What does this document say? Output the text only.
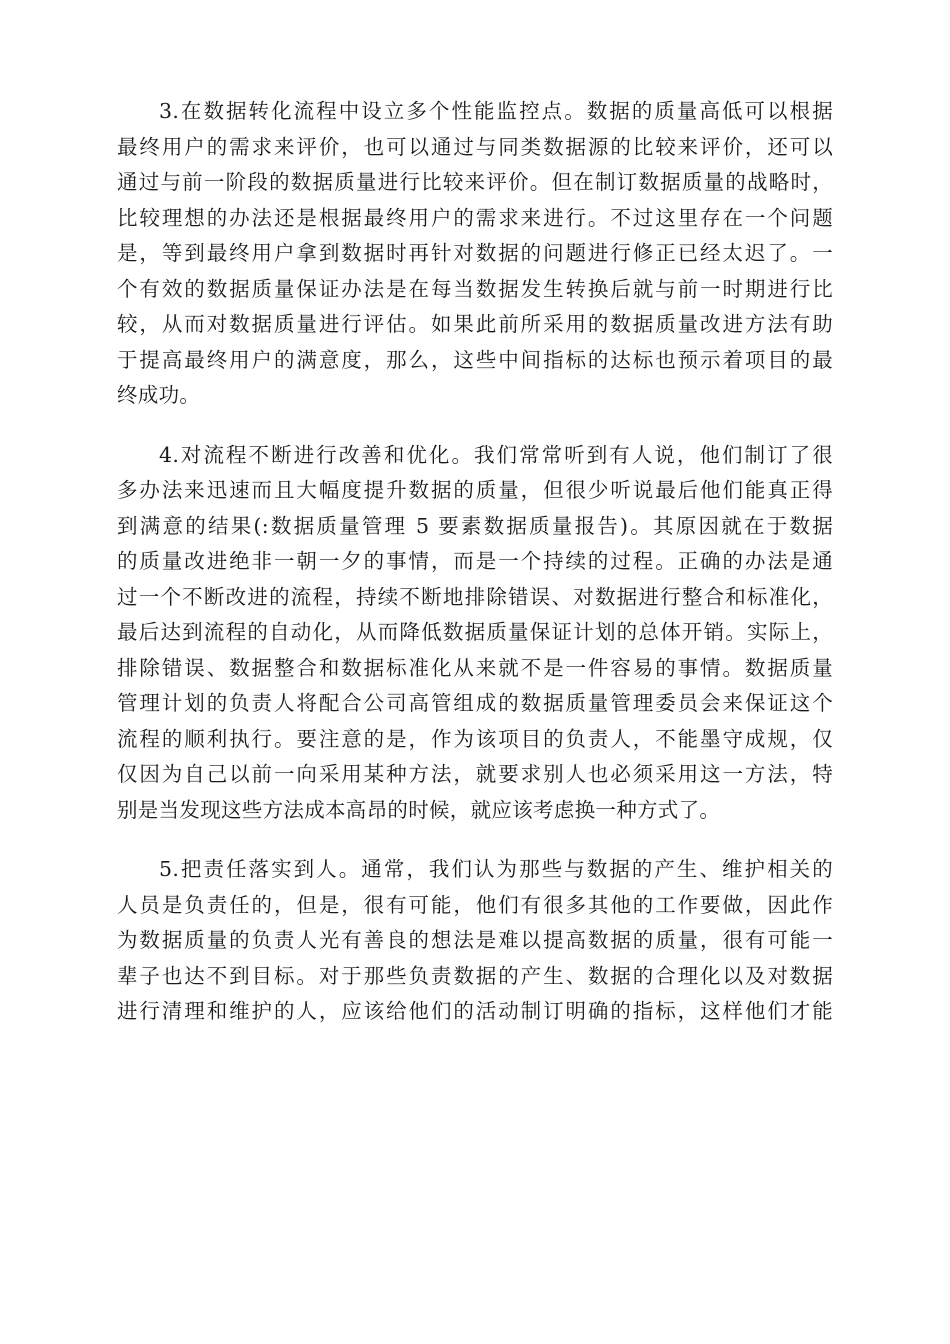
3.在数据转化流程中设立多个性能监控点。数据的质量高低可以根据
最终用户的需求来评价，也可以通过与同类数据源的比较来评价，还可以
通过与前一阶段的数据质量进行比较来评价。但在制订数据质量的战略时，
比较理想的办法还是根据最终用户的需求来进行。不过这里存在一个问题
是，等到最终用户拿到数据时再针对数据的问题进行修正已经太迟了。一
个有效的数据质量保证办法是在每当数据发生转换后就与前一时期进行比
较，从而对数据质量进行评估。如果此前所采用的数据质量改进方法有助
于提高最终用户的满意度，那么，这些中间指标的达标也预示着项目的最
终成功。
4.对流程不断进行改善和优化。我们常常听到有人说，他们制订了很
多办法来迅速而且大幅度提升数据的质量，但很少听说最后他们能真正得
到满意的结果(:数据质量管理 5 要素数据质量报告)。其原因就在于数据
的质量改进绝非一朝一夕的事情，而是一个持续的过程。正确的办法是通
过一个不断改进的流程，持续不断地排除错误、对数据进行整合和标准化，
最后达到流程的自动化，从而降低数据质量保证计划的总体开销。实际上，
排除错误、数据整合和数据标准化从来就不是一件容易的事情。数据质量
管理计划的负责人将配合公司高管组成的数据质量管理委员会来保证这个
流程的顺利执行。要注意的是，作为该项目的负责人，不能墨守成规，仅
仅因为自己以前一向采用某种方法，就要求别人也必须采用这一方法，特
别是当发现这些方法成本高昂的时候，就应该考虑换一种方式了。
5.把责任落实到人。通常，我们认为那些与数据的产生、维护相关的
人员是负责任的，但是，很有可能，他们有很多其他的工作要做，因此作
为数据质量的负责人光有善良的想法是难以提高数据的质量，很有可能一
辈子也达不到目标。对于那些负责数据的产生、数据的合理化以及对数据
进行清理和维护的人，应该给他们的活动制订明确的指标，这样他们才能
